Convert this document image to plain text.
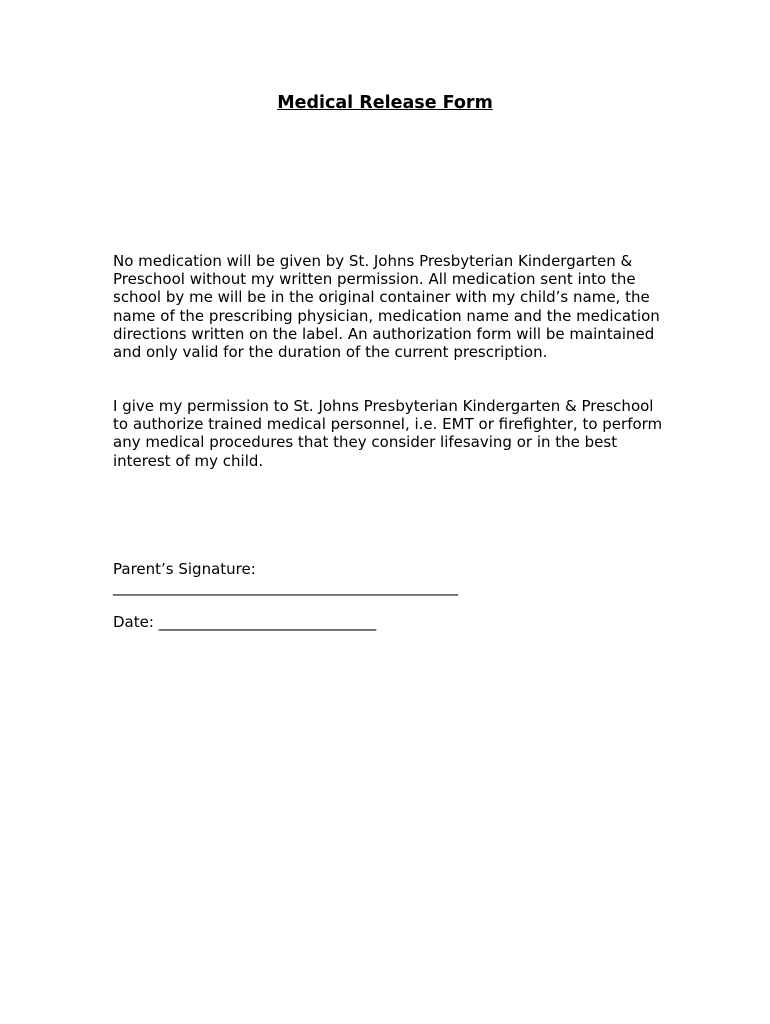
Medical Release Form

No medication will be given by St. Johns Presbyterian Kindergarten & Preschool without my written permission. All medication sent into the school by me will be in the original container with my child’s name, the name of the prescribing physician, medication name and the medication directions written on the label. An authorization form will be maintained and only valid for the duration of the current prescription.

I give my permission to St. Johns Presbyterian Kindergarten & Preschool to authorize trained medical personnel, i.e. EMT or firefighter, to perform any medical procedures that they consider lifesaving or in the best interest of my child.

Parent’s Signature:
______________________________________________
Date: _____________________________
